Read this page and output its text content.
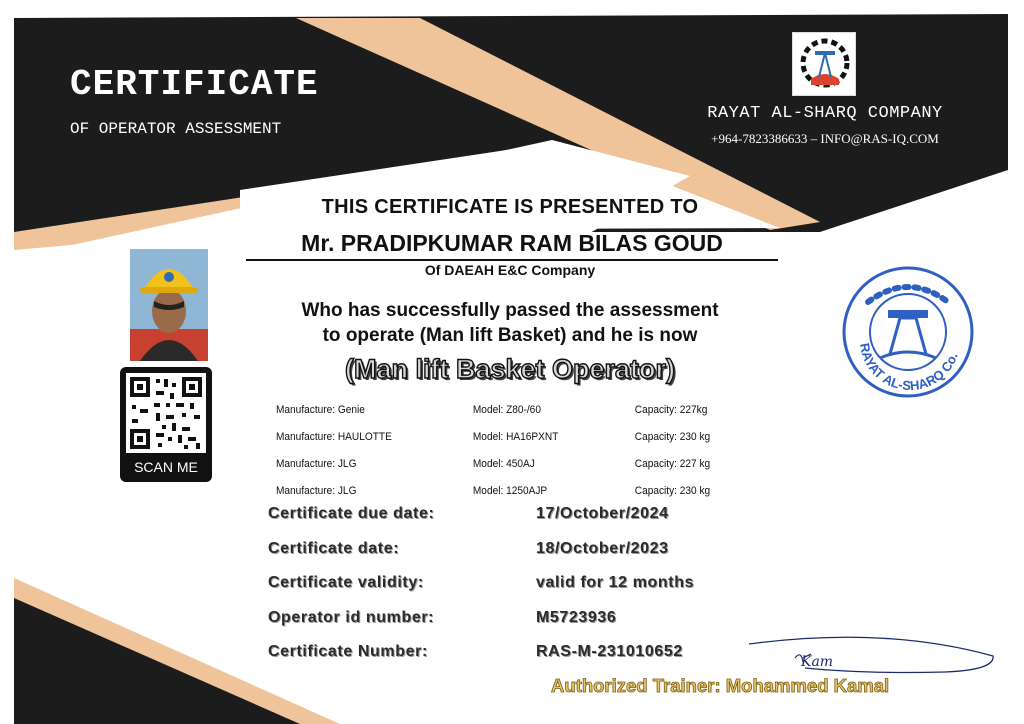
CERTIFICATE
OF OPERATOR ASSESSMENT
RAYAT AL-SHARQ COMPANY
+964-7823386633 – INFO@RAS-IQ.COM
THIS CERTIFICATE IS PRESENTED TO
Mr. PRADIPKUMAR RAM BILAS GOUD
Of DAEAH E&C Company
Who has successfully passed the assessment
to operate (Man lift Basket) and he is now
(Man lift Basket Operator)
SCAN ME
Manufacture: Genie	Model: Z80-/60	Capacity: 227kg
Manufacture: HAULOTTE	Model: HA16PXNT	Capacity: 230 kg
Manufacture: JLG	Model: 450AJ	Capacity: 227 kg
Manufacture: JLG	Model: 1250AJP	Capacity: 230 kg
Certificate due date:	17/October/2024
Certificate date:	18/October/2023
Certificate validity:	valid for 12 months
Operator id number:	M5723936
Certificate Number:	RAS-M-231010652
RAYAT AL-SHARQ Co.
Kam
Authorized Trainer: Mohammed Kamal
